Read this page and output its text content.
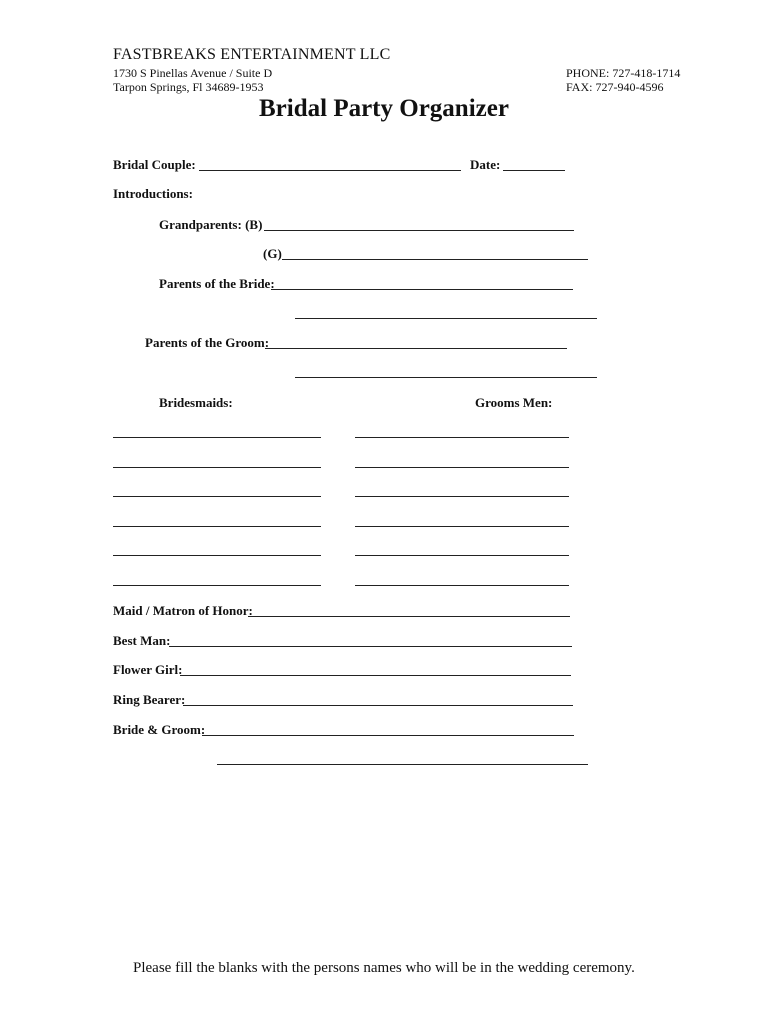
FASTBREAKS ENTERTAINMENT LLC
1730 S Pinellas Avenue / Suite D
Tarpon Springs, Fl 34689-1953
PHONE: 727-418-1714
FAX: 727-940-4596
Bridal Party Organizer
Bridal Couple:	Date:
Introductions:
Grandparents: (B)
(G)
Parents of the Bride:
Parents of the Groom:
Bridesmaids:	Grooms Men:
Maid / Matron of Honor:
Best Man:
Flower Girl:
Ring Bearer:
Bride & Groom:
Please fill the blanks with the persons names who will be in the wedding ceremony.
